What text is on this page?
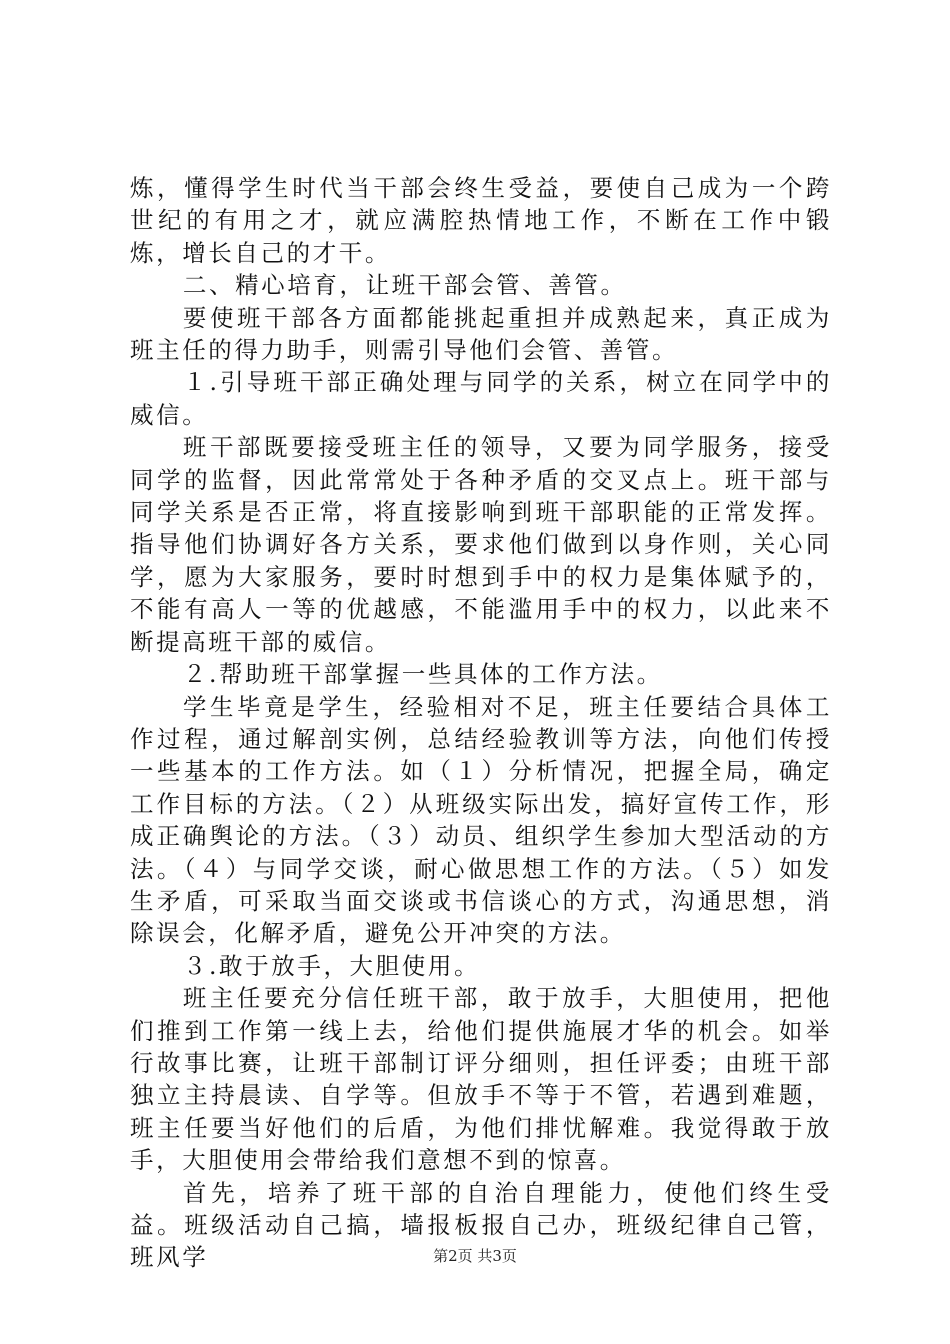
炼，懂得学生时代当干部会终生受益，要使自己成为一个跨世纪的有用之才，就应满腔热情地工作，不断在工作中锻炼，增长自己的才干。

二、精心培育，让班干部会管、善管。

要使班干部各方面都能挑起重担并成熟起来，真正成为班主任的得力助手，则需引导他们会管、善管。

１.引导班干部正确处理与同学的关系，树立在同学中的威信。

班干部既要接受班主任的领导，又要为同学服务，接受同学的监督，因此常常处于各种矛盾的交叉点上。班干部与同学关系是否正常，将直接影响到班干部职能的正常发挥。指导他们协调好各方关系，要求他们做到以身作则，关心同学，愿为大家服务，要时时想到手中的权力是集体赋予的，不能有高人一等的优越感，不能滥用手中的权力，以此来不断提高班干部的威信。

２.帮助班干部掌握一些具体的工作方法。

学生毕竟是学生，经验相对不足，班主任要结合具体工作过程，通过解剖实例，总结经验教训等方法，向他们传授一些基本的工作方法。如（１）分析情况，把握全局，确定工作目标的方法。（２）从班级实际出发，搞好宣传工作，形成正确舆论的方法。（３）动员、组织学生参加大型活动的方法。（４）与同学交谈，耐心做思想工作的方法。（５）如发生矛盾，可采取当面交谈或书信谈心的方式，沟通思想，消除误会，化解矛盾，避免公开冲突的方法。

３.敢于放手，大胆使用。

班主任要充分信任班干部，敢于放手，大胆使用，把他们推到工作第一线上去，给他们提供施展才华的机会。如举行故事比赛，让班干部制订评分细则，担任评委；由班干部独立主持晨读、自学等。但放手不等于不管，若遇到难题，班主任要当好他们的后盾，为他们排忧解难。我觉得敢于放手，大胆使用会带给我们意想不到的惊喜。

首先，培养了班干部的自治自理能力，使他们终生受益。班级活动自己搞，墙报板报自己办，班级纪律自己管，班风学	第2页 共3页
